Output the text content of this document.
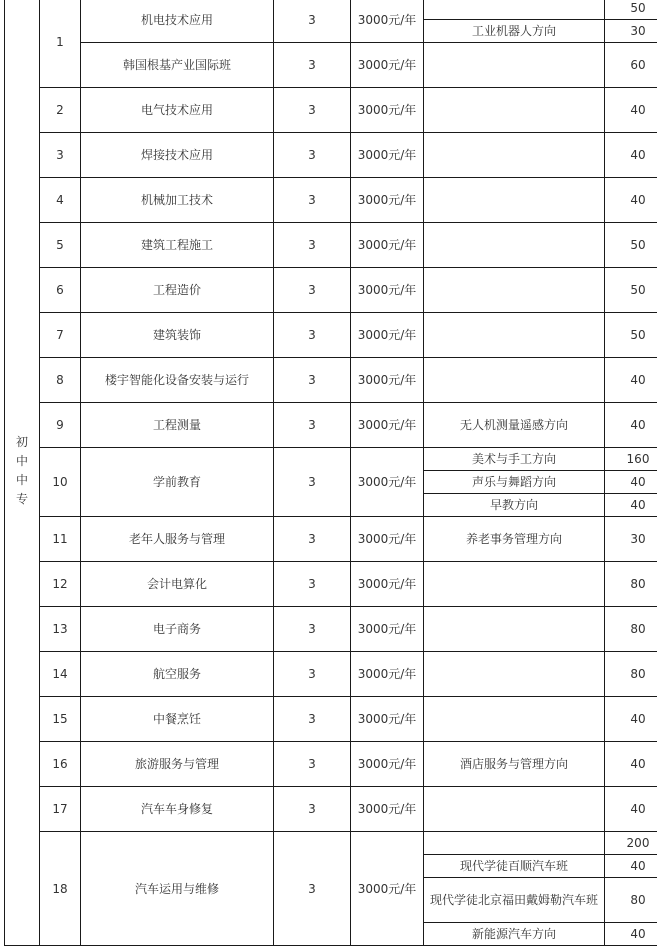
初中中专	1	机电技术应用	3	3000元/年		50
					工业机器人方向	30
		韩国根基产业国际班	3	3000元/年		60
	2	电气技术应用	3	3000元/年		40
	3	焊接技术应用	3	3000元/年		40
	4	机械加工技术	3	3000元/年		40
	5	建筑工程施工	3	3000元/年		50
	6	工程造价	3	3000元/年		50
	7	建筑装饰	3	3000元/年		50
	8	楼宇智能化设备安装与运行	3	3000元/年		40
	9	工程测量	3	3000元/年	无人机测量遥感方向	40
	10	学前教育	3	3000元/年	美术与手工方向	160
					声乐与舞蹈方向	40
					早教方向	40
	11	老年人服务与管理	3	3000元/年	养老事务管理方向	30
	12	会计电算化	3	3000元/年		80
	13	电子商务	3	3000元/年		80
	14	航空服务	3	3000元/年		80
	15	中餐烹饪	3	3000元/年		40
	16	旅游服务与管理	3	3000元/年	酒店服务与管理方向	40
	17	汽车车身修复	3	3000元/年		40
	18	汽车运用与维修	3	3000元/年		200
					现代学徒百顺汽车班	40
					现代学徒北京福田戴姆勒汽车班	80
					新能源汽车方向	40
